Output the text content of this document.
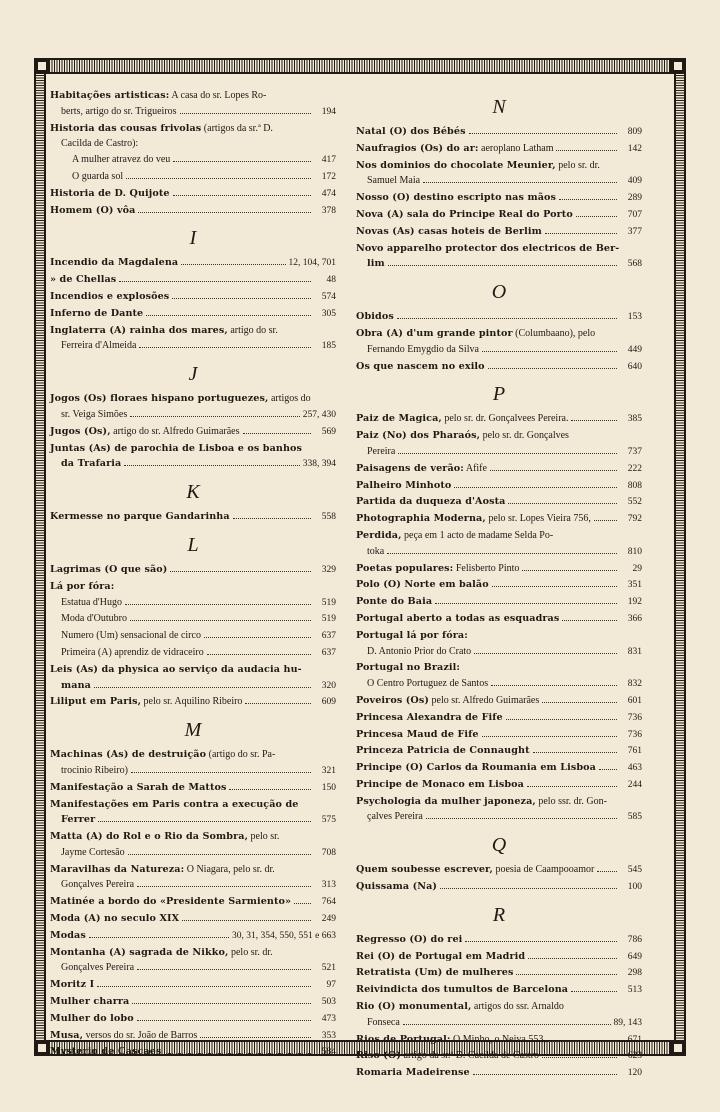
Habitações artisticas: A casa do sr. Lopes Ro-
berts, artigo do sr. Trigueiros	194
Historia das cousas frivolas (artigos da sr.ª D.
Cacilda de Castro):
A mulher atravez do veu	417
O guarda sol	172
Historia de D. Quijote	474
Homem (O) vôa	378
I
Incendio da Magdalena	12, 104, 701
» de Chellas	48
Incendios e explosões	574
Inferno de Dante	305
Inglaterra (A) rainha dos mares, artigo do sr.
Ferreira d'Almeida	185
J
Jogos (Os) floraes hispano portuguezes, artigos do
sr. Veiga Simões	257, 430
Jugos (Os), artigo do sr. Alfredo Guimarães	569
Juntas (As) de parochia de Lisboa e os banhos
da Trafaria	338, 394
K
Kermesse no parque Gandarinha	558
L
Lagrimas (O que são)	329
Lá por fóra:
Estatua d'Hugo	519
Moda d'Outubro	519
Numero (Um) sensacional de circo	637
Primeira (A) aprendiz de vidraceiro	637
Leis (As) da physica ao serviço da audacia hu-
mana	320
Liliput em Paris, pelo sr. Aquilino Ribeiro	609
M
Machinas (As) de destruição (artigo do sr. Pa-
trocinio Ribeiro)	321
Manifestação a Sarah de Mattos	150
Manifestações em Paris contra a execução de
Ferrer	575
Matta (A) do Rol e o Rio da Sombra, pelo sr.
Jayme Cortesão	708
Maravilhas da Natureza: O Niagara, pelo sr. dr.
Gonçalves Pereira	313
Matinée a bordo do «Presidente Sarmiento»	764
Moda (A) no seculo XIX	249
Modas	30, 31, 354, 550, 551 e 663
Montanha (A) sagrada de Nikko, pelo sr. dr.
Gonçalves Pereira	521
Moritz I	97
Mulher charra	503
Mulher do lobo	473
Musa, versos do sr. João de Barros	353
Mysterio de Cascaes	584
N
Natal (O) dos Bébés	809
Naufragios (Os) do ar: aeroplano Latham	142
Nos dominios do chocolate Meunier, pelo sr. dr.
Samuel Maia	409
Nosso (O) destino escripto nas mãos	289
Nova (A) sala do Principe Real do Porto	707
Novas (As) casas hoteis de Berlim	377
Novo apparelho protector dos electricos de Ber-
lim	568
O
Obidos	153
Obra (A) d'um grande pintor (Columbaano), pelo
Fernando Emygdio da Silva	449
Os que nascem no exilo	640
P
Paiz de Magica, pelo sr. dr. Gonçalvees Pereira.	385
Paiz (No) dos Pharaós, pelo sr. dr. Gonçalves
Pereira	737
Paisagens de verão: Afife	222
Palheiro Minhoto	808
Partida da duqueza d'Aosta	552
Photographia Moderna, pelo sr. Lopes Vieira 756,	792
Perdida, peça em 1 acto de madame Selda Po-
toka	810
Poetas populares: Felisberto Pinto	29
Polo (O) Norte em balão	351
Ponte do Baia	192
Portugal aberto a todas as esquadras	366
Portugal lá por fóra:
D. Antonio Prior do Crato	831
Portugal no Brazil:
O Centro Portuguez de Santos	832
Poveiros (Os) pelo sr. Alfredo Guimarães	601
Princesa Alexandra de Fife	736
Princesa Maud de Fife	736
Princeza Patricia de Connaught	761
Principe (O) Carlos da Roumania em Lisboa	463
Principe de Monaco em Lisboa	244
Psychologia da mulher japoneza, pelo ssr. dr. Gon-
çalves Pereira	585
Q
Quem soubesse escrever, poesia de Caampooamor	545
Quissama (Na)	100
R
Regresso (O) do rei	786
Rei (O) de Portugal em Madrid	649
Retratista (Um) de mulheres	298
Reivindicta dos tumultos de Barcelona	513
Rio (O) monumental, artigos do ssr. Arnaldo
Fonseca	89, 143
Rios de Portugal: O Minho, o Neiva 553,	671
Riso (O) artigo da sr.ª D. Cacilda de Castro	623
Romaria Madeirense	120
